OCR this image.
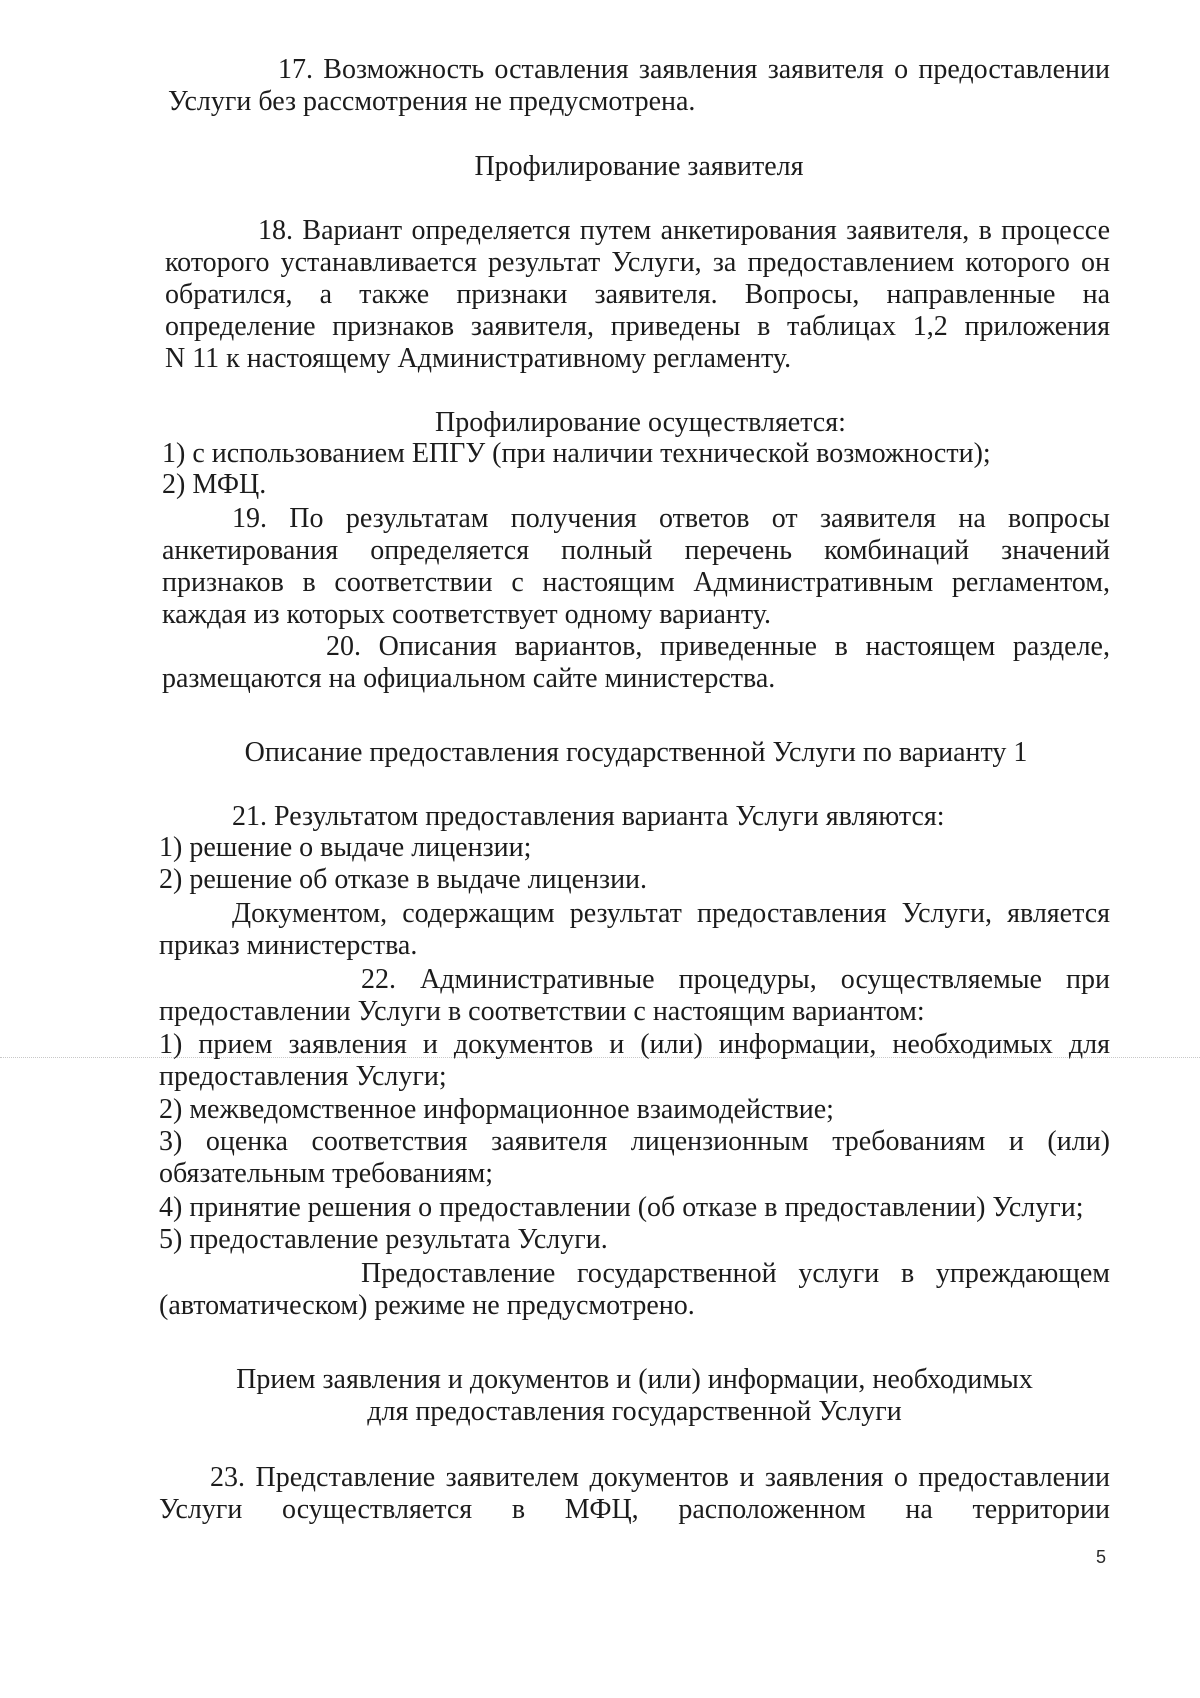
17. Возможность оставления заявления заявителя о предоставлении
Услуги без рассмотрения не предусмотрена.
Профилирование заявителя
18. Вариант определяется путем анкетирования заявителя, в процессе
которого устанавливается результат Услуги, за предоставлением которого он
обратился, а также признаки заявителя. Вопросы, направленные на
определение признаков заявителя, приведены в таблицах 1,2 приложения
N 11 к настоящему Административному регламенту.
Профилирование осуществляется:
1) с использованием ЕПГУ (при наличии технической возможности);
2) МФЦ.
19. По результатам получения ответов от заявителя на вопросы
анкетирования определяется полный перечень комбинаций значений
признаков в соответствии с настоящим Административным регламентом,
каждая из которых соответствует одному варианту.
20. Описания вариантов, приведенные в настоящем разделе,
размещаются на официальном сайте министерства.
Описание предоставления государственной Услуги по варианту 1
21. Результатом предоставления варианта Услуги являются:
1) решение о выдаче лицензии;
2) решение об отказе в выдаче лицензии.
Документом, содержащим результат предоставления Услуги, является
приказ министерства.
22. Административные процедуры, осуществляемые при
предоставлении Услуги в соответствии с настоящим вариантом:
1) прием заявления и документов и (или) информации, необходимых для
предоставления Услуги;
2) межведомственное информационное взаимодействие;
3) оценка соответствия заявителя лицензионным требованиям и (или)
обязательным требованиям;
4) принятие решения о предоставлении (об отказе в предоставлении) Услуги;
5) предоставление результата Услуги.
Предоставление государственной услуги в упреждающем
(автоматическом) режиме не предусмотрено.
Прием заявления и документов и (или) информации, необходимых
для предоставления государственной Услуги
23. Представление заявителем документов и заявления о предоставлении
Услуги осуществляется в МФЦ, расположенном на территории
5
